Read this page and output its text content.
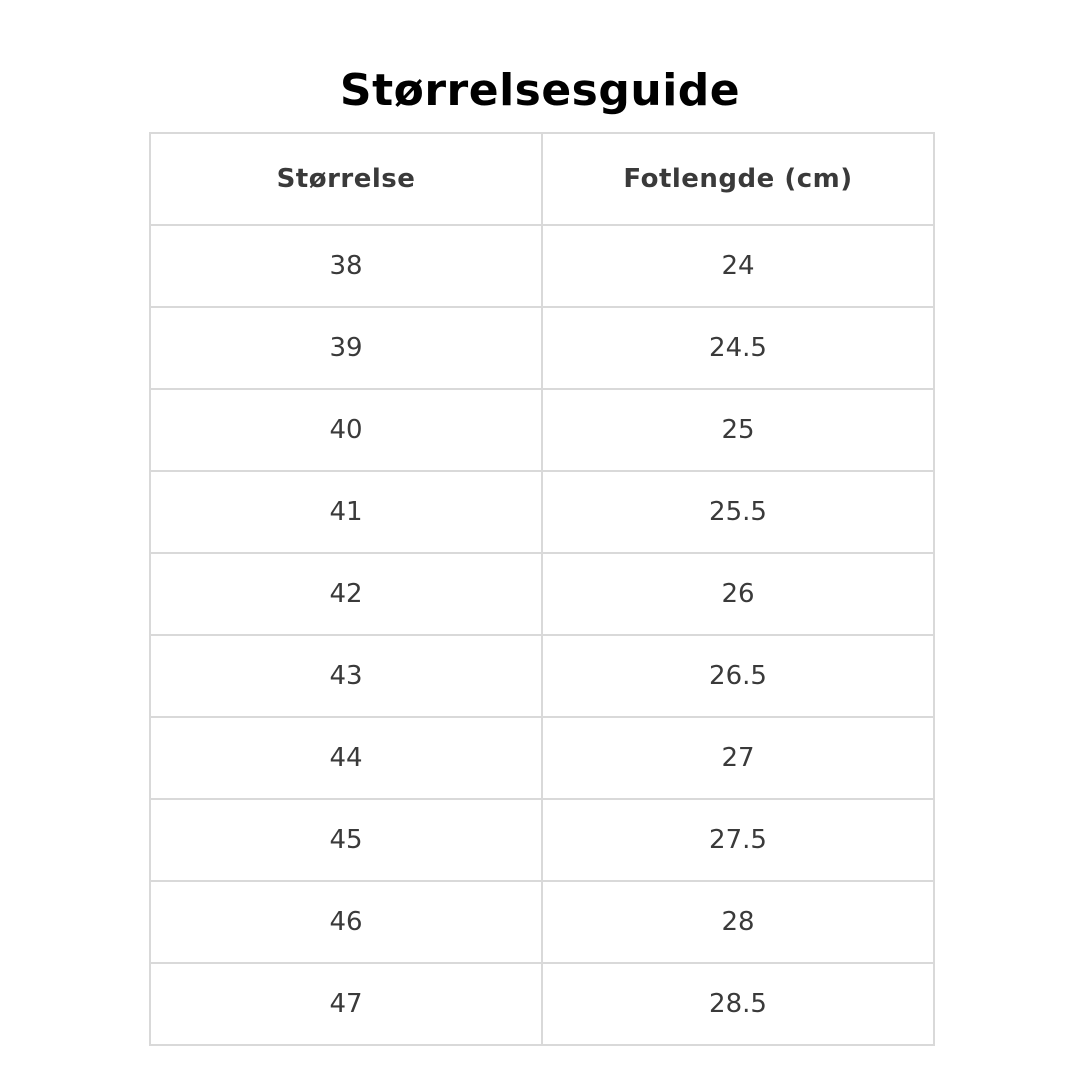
Størrelsesguide
Størrelse	Fotlengde (cm)
38	24
39	24.5
40	25
41	25.5
42	26
43	26.5
44	27
45	27.5
46	28
47	28.5
